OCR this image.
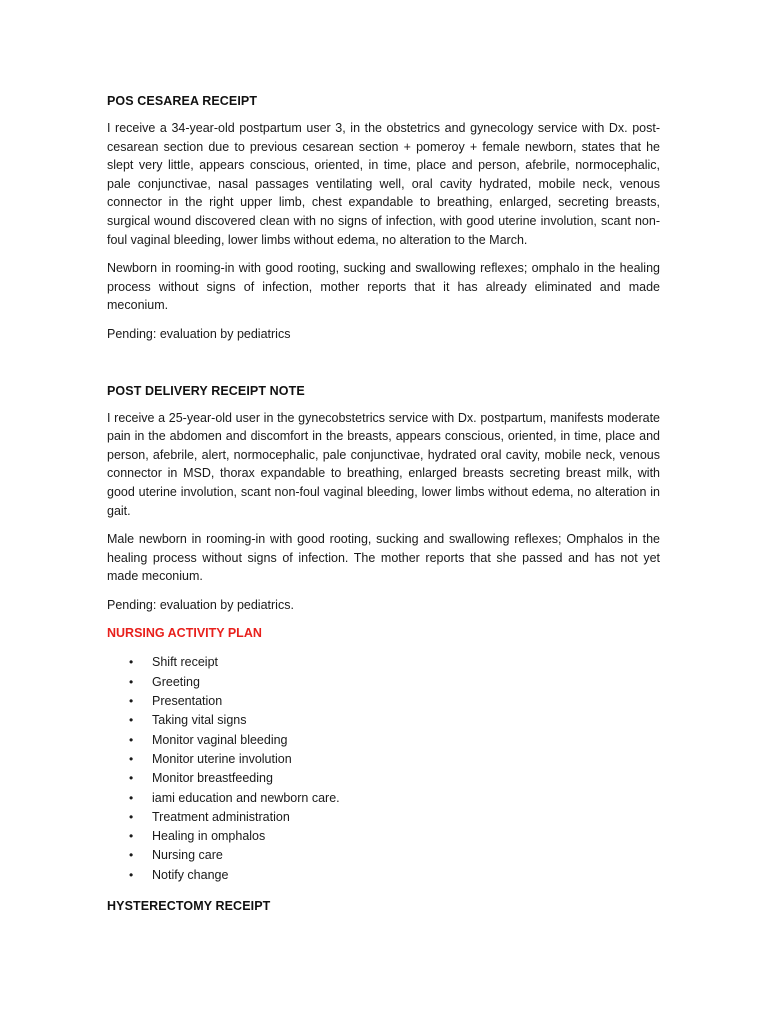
POS CESAREA RECEIPT

I receive a 34-year-old postpartum user 3, in the obstetrics and gynecology service with Dx. post-cesarean section due to previous cesarean section + pomeroy + female newborn, states that he slept very little, appears conscious, oriented, in time, place and person, afebrile, normocephalic, pale conjunctivae, nasal passages ventilating well, oral cavity hydrated, mobile neck, venous connector in the right upper limb, chest expandable to breathing, enlarged, secreting breasts, surgical wound discovered clean with no signs of infection, with good uterine involution, scant non-foul vaginal bleeding, lower limbs without edema, no alteration to the March.

Newborn in rooming-in with good rooting, sucking and swallowing reflexes; omphalo in the healing process without signs of infection, mother reports that it has already eliminated and made meconium.

Pending: evaluation by pediatrics

POST DELIVERY RECEIPT NOTE

I receive a 25-year-old user in the gynecobstetrics service with Dx. postpartum, manifests moderate pain in the abdomen and discomfort in the breasts, appears conscious, oriented, in time, place and person, afebrile, alert, normocephalic, pale conjunctivae, hydrated oral cavity, mobile neck, venous connector in MSD, thorax expandable to breathing, enlarged breasts secreting breast milk, with good uterine involution, scant non-foul vaginal bleeding, lower limbs without edema, no alteration in gait.

Male newborn in rooming-in with good rooting, sucking and swallowing reflexes; Omphalos in the healing process without signs of infection. The mother reports that she passed and has not yet made meconium.

Pending: evaluation by pediatrics.

NURSING ACTIVITY PLAN
• Shift receipt
• Greeting
• Presentation
• Taking vital signs
• Monitor vaginal bleeding
• Monitor uterine involution
• Monitor breastfeeding
• iami education and newborn care.
• Treatment administration
• Healing in omphalos
• Nursing care
• Notify change
HYSTERECTOMY RECEIPT
